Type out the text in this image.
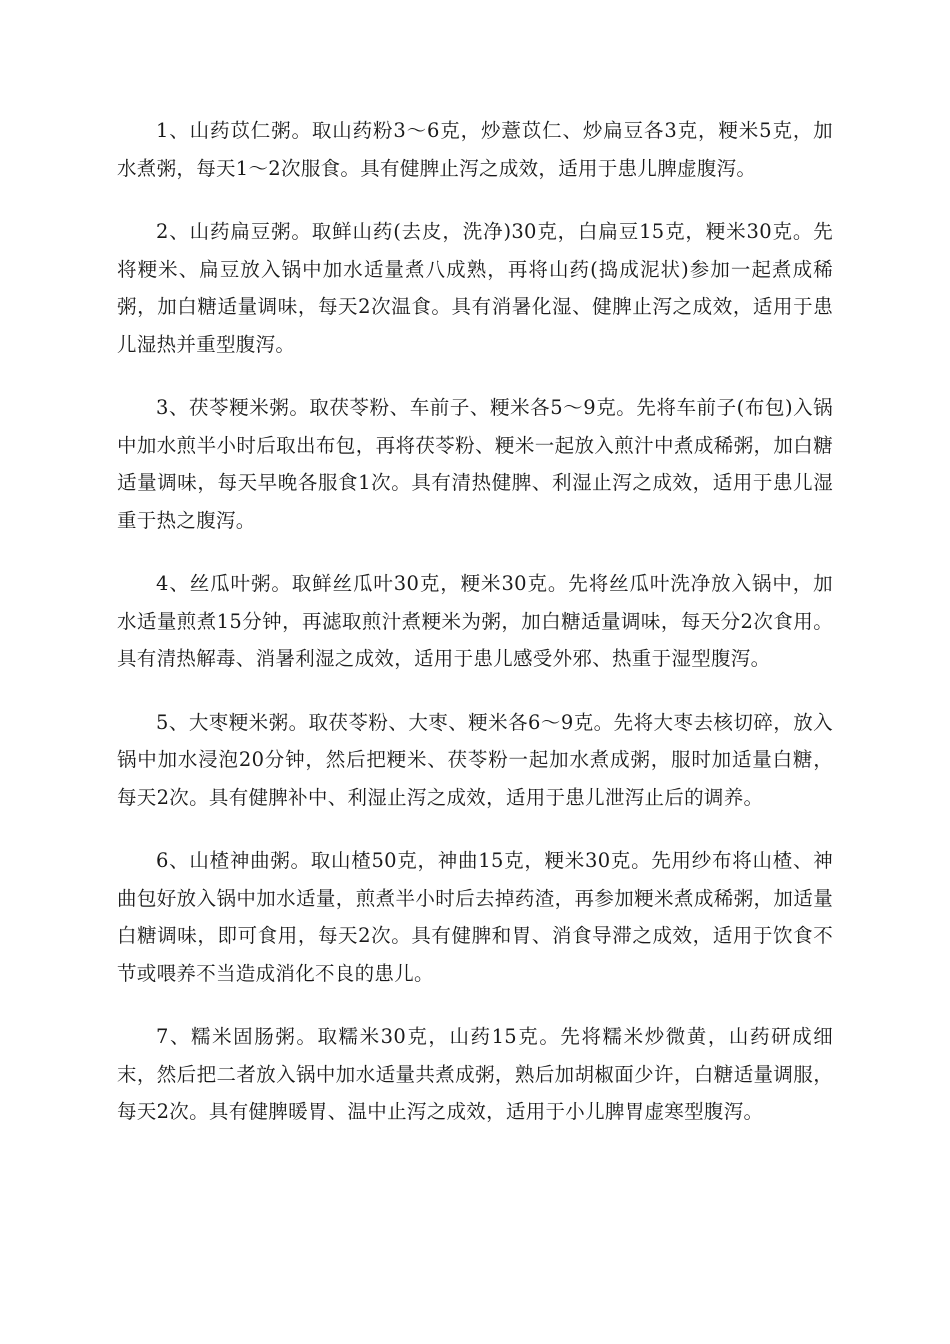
1、山药苡仁粥。取山药粉3～6克，炒薏苡仁、炒扁豆各3克，粳米5克，加水煮粥，每天1～2次服食。具有健脾止泻之成效，适用于患儿脾虚腹泻。

2、山药扁豆粥。取鲜山药(去皮，洗净)30克，白扁豆15克，粳米30克。先将粳米、扁豆放入锅中加水适量煮八成熟，再将山药(捣成泥状)参加一起煮成稀粥，加白糖适量调味，每天2次温食。具有消暑化湿、健脾止泻之成效，适用于患儿湿热并重型腹泻。

3、茯苓粳米粥。取茯苓粉、车前子、粳米各5～9克。先将车前子(布包)入锅中加水煎半小时后取出布包，再将茯苓粉、粳米一起放入煎汁中煮成稀粥，加白糖适量调味，每天早晚各服食1次。具有清热健脾、利湿止泻之成效，适用于患儿湿重于热之腹泻。

4、丝瓜叶粥。取鲜丝瓜叶30克，粳米30克。先将丝瓜叶洗净放入锅中，加水适量煎煮15分钟，再滤取煎汁煮粳米为粥，加白糖适量调味，每天分2次食用。具有清热解毒、消暑利湿之成效，适用于患儿感受外邪、热重于湿型腹泻。

5、大枣粳米粥。取茯苓粉、大枣、粳米各6～9克。先将大枣去核切碎，放入锅中加水浸泡20分钟，然后把粳米、茯苓粉一起加水煮成粥，服时加适量白糖，每天2次。具有健脾补中、利湿止泻之成效，适用于患儿泄泻止后的调养。

6、山楂神曲粥。取山楂50克，神曲15克，粳米30克。先用纱布将山楂、神曲包好放入锅中加水适量，煎煮半小时后去掉药渣，再参加粳米煮成稀粥，加适量白糖调味，即可食用，每天2次。具有健脾和胃、消食导滞之成效，适用于饮食不节或喂养不当造成消化不良的患儿。

7、糯米固肠粥。取糯米30克，山药15克。先将糯米炒微黄，山药研成细末，然后把二者放入锅中加水适量共煮成粥，熟后加胡椒面少许，白糖适量调服，每天2次。具有健脾暖胃、温中止泻之成效，适用于小儿脾胃虚寒型腹泻。
